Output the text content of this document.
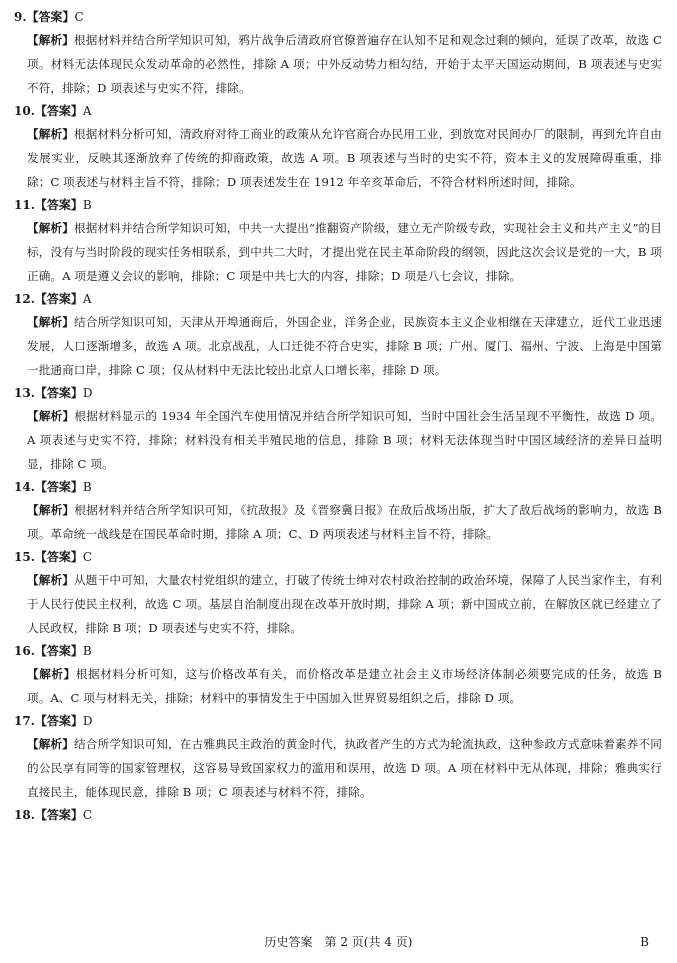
9.【答案】C
【解析】根据材料并结合所学知识可知，鸦片战争后清政府官僚普遍存在认知不足和观念过剩的倾向，延误了改革，故选 C 项。材料无法体现民众发动革命的必然性，排除 A 项；中外反动势力相勾结，开始于太平天国运动期间，B 项表述与史实不符，排除；D 项表述与史实不符，排除。
10.【答案】A
【解析】根据材料分析可知，清政府对待工商业的政策从允许官商合办民用工业，到放宽对民间办厂的限制，再到允许自由发展实业，反映其逐渐放弃了传统的抑商政策，故选 A 项。B 项表述与当时的史实不符，资本主义的发展障碍重重，排除；C 项表述与材料主旨不符，排除；D 项表述发生在 1912 年辛亥革命后，不符合材料所述时间，排除。
11.【答案】B
【解析】根据材料并结合所学知识可知，中共一大提出“推翻资产阶级，建立无产阶级专政，实现社会主义和共产主义”的目标，没有与当时阶段的现实任务相联系，到中共二大时，才提出党在民主革命阶段的纲领，因此这次会议是党的一大，B 项正确。A 项是遵义会议的影响，排除；C 项是中共七大的内容，排除；D 项是八七会议，排除。
12.【答案】A
【解析】结合所学知识可知，天津从开埠通商后，外国企业，洋务企业，民族资本主义企业相继在天津建立，近代工业迅速发展，人口逐渐增多，故选 A 项。北京战乱，人口迁徙不符合史实，排除 B 项；广州、厦门、福州、宁波、上海是中国第一批通商口岸，排除 C 项；仅从材料中无法比较出北京人口增长率，排除 D 项。
13.【答案】D
【解析】根据材料显示的 1934 年全国汽车使用情况并结合所学知识可知，当时中国社会生活呈现不平衡性，故选 D 项。A 项表述与史实不符，排除；材料没有相关半殖民地的信息，排除 B 项；材料无法体现当时中国区域经济的差异日益明显，排除 C 项。
14.【答案】B
【解析】根据材料并结合所学知识可知，《抗敌报》及《晋察冀日报》在敌后战场出版，扩大了敌后战场的影响力，故选 B 项。革命统一战线是在国民革命时期，排除 A 项；C、D 两项表述与材料主旨不符，排除。
15.【答案】C
【解析】从题干中可知，大量农村党组织的建立，打破了传统士绅对农村政治控制的政治环境，保障了人民当家作主，有利于人民行使民主权利，故选 C 项。基层自治制度出现在改革开放时期，排除 A 项；新中国成立前，在解放区就已经建立了人民政权，排除 B 项；D 项表述与史实不符，排除。
16.【答案】B
【解析】根据材料分析可知，这与价格改革有关，而价格改革是建立社会主义市场经济体制必须要完成的任务，故选 B 项。A、C 项与材料无关，排除；材料中的事情发生于中国加入世界贸易组织之后，排除 D 项。
17.【答案】D
【解析】结合所学知识可知，在古雅典民主政治的黄金时代，执政者产生的方式为轮流执政，这种参政方式意味着素养不同的公民享有同等的国家管理权，这容易导致国家权力的滥用和误用，故选 D 项。A 项在材料中无从体现，排除；雅典实行直接民主，能体现民意，排除 B 项；C 项表述与材料不符，排除。
18.【答案】C
历史答案　第 2 页(共 4 页)	B
